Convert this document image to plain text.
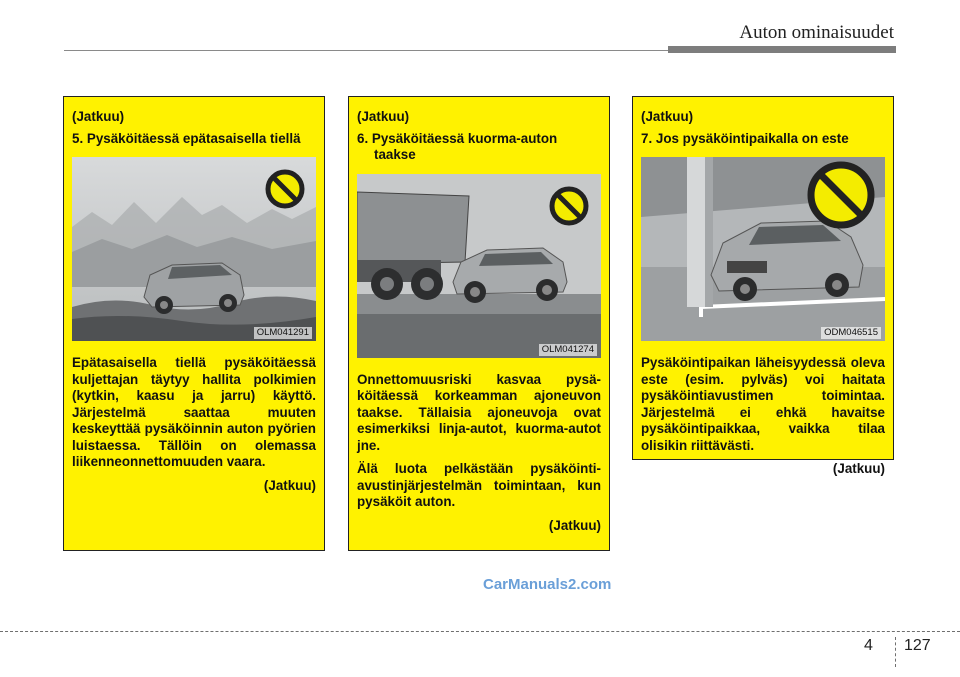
Auton ominaisuudet
(Jatkuu)
5. Pysäköitäessä epätasaisella tiellä
OLM041291

Epätasaisella tiellä pysäköitäessä kuljettajan täytyy hallita polkimien (kytkin, kaasu ja jarru) käyttö. Järjestelmä saattaa muuten keskeyttää pysäköinnin auton pyörien luistaessa. Tällöin on olemassa liikenneonnettomuuden vaara.

(Jatkuu)
(Jatkuu)
6. Pysäköitäessä kuorma-auton taakse
OLM041274

Onnettomuusriski kasvaa pysäköitäessä korkeamman ajoneuvon taakse. Tällaisia ajoneuvoja ovat esimerkiksi linja-autot, kuorma-autot jne.

Älä luota pelkästään pysäköintiavustinjärjestelmän toimintaan, kun pysäköit auton.

(Jatkuu)
(Jatkuu)
7. Jos pysäköintipaikalla on este
ODM046515

Pysäköintipaikan läheisyydessä oleva este (esim. pylväs) voi haitata pysäköintiavustimen toimintaa. Järjestelmä ei ehkä havaitse pysäköintipaikkaa, vaikka tilaa olisikin riittävästi.

(Jatkuu)
CarManuals2.com
4 127
